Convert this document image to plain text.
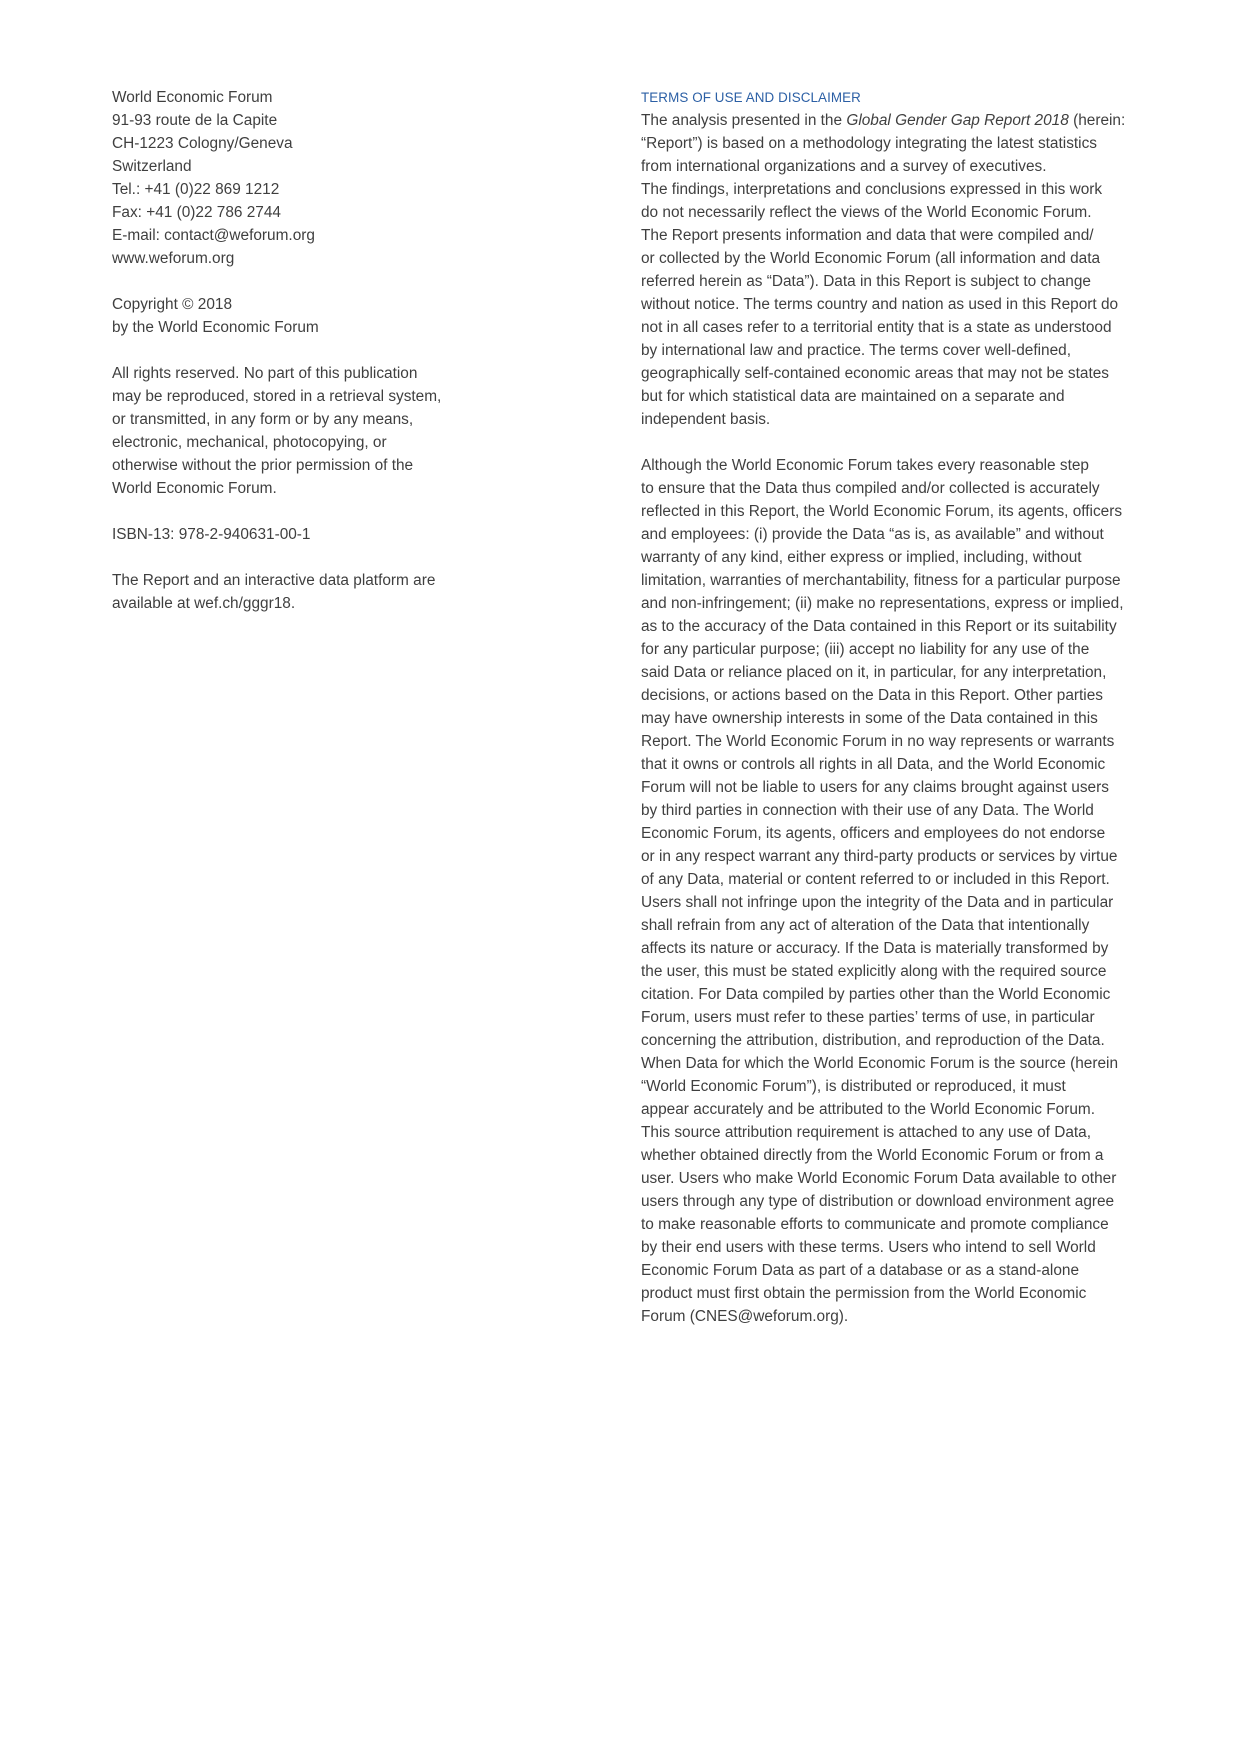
World Economic Forum
91-93 route de la Capite
CH-1223 Cologny/Geneva
Switzerland
Tel.: +41 (0)22 869 1212
Fax: +41 (0)22 786 2744
E-mail: contact@weforum.org
www.weforum.org
Copyright © 2018
by the World Economic Forum
All rights reserved. No part of this publication
may be reproduced, stored in a retrieval system,
or transmitted, in any form or by any means,
electronic, mechanical, photocopying, or
otherwise without the prior permission of the
World Economic Forum.
ISBN-13: 978-2-940631-00-1
The Report and an interactive data platform are
available at wef.ch/gggr18.
TERMS OF USE AND DISCLAIMER
The analysis presented in the Global Gender Gap Report 2018 (herein:
“Report”) is based on a methodology integrating the latest statistics
from international organizations and a survey of executives.
The findings, interpretations and conclusions expressed in this work
do not necessarily reflect the views of the World Economic Forum.
The Report presents information and data that were compiled and/
or collected by the World Economic Forum (all information and data
referred herein as “Data”). Data in this Report is subject to change
without notice. The terms country and nation as used in this Report do
not in all cases refer to a territorial entity that is a state as understood
by international law and practice. The terms cover well-defined,
geographically self-contained economic areas that may not be states
but for which statistical data are maintained on a separate and
independent basis.
Although the World Economic Forum takes every reasonable step
to ensure that the Data thus compiled and/or collected is accurately
reflected in this Report, the World Economic Forum, its agents, officers
and employees: (i) provide the Data “as is, as available” and without
warranty of any kind, either express or implied, including, without
limitation, warranties of merchantability, fitness for a particular purpose
and non-infringement; (ii) make no representations, express or implied,
as to the accuracy of the Data contained in this Report or its suitability
for any particular purpose; (iii) accept no liability for any use of the
said Data or reliance placed on it, in particular, for any interpretation,
decisions, or actions based on the Data in this Report. Other parties
may have ownership interests in some of the Data contained in this
Report. The World Economic Forum in no way represents or warrants
that it owns or controls all rights in all Data, and the World Economic
Forum will not be liable to users for any claims brought against users
by third parties in connection with their use of any Data. The World
Economic Forum, its agents, officers and employees do not endorse
or in any respect warrant any third-party products or services by virtue
of any Data, material or content referred to or included in this Report.
Users shall not infringe upon the integrity of the Data and in particular
shall refrain from any act of alteration of the Data that intentionally
affects its nature or accuracy. If the Data is materially transformed by
the user, this must be stated explicitly along with the required source
citation. For Data compiled by parties other than the World Economic
Forum, users must refer to these parties’ terms of use, in particular
concerning the attribution, distribution, and reproduction of the Data.
When Data for which the World Economic Forum is the source (herein
“World Economic Forum”), is distributed or reproduced, it must
appear accurately and be attributed to the World Economic Forum.
This source attribution requirement is attached to any use of Data,
whether obtained directly from the World Economic Forum or from a
user. Users who make World Economic Forum Data available to other
users through any type of distribution or download environment agree
to make reasonable efforts to communicate and promote compliance
by their end users with these terms. Users who intend to sell World
Economic Forum Data as part of a database or as a stand-alone
product must first obtain the permission from the World Economic
Forum (CNES@weforum.org).
